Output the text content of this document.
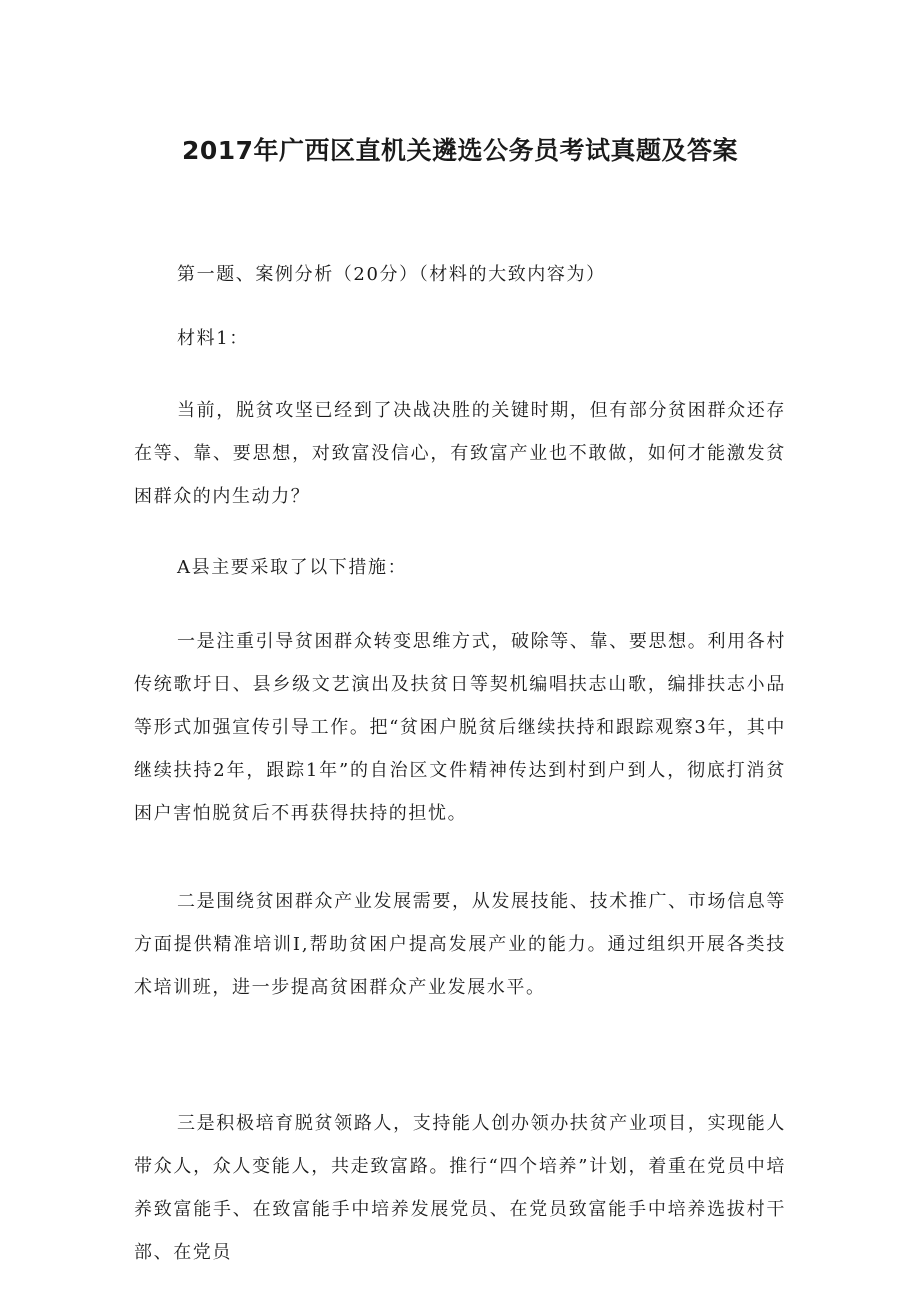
2017年广西区直机关遴选公务员考试真题及答案

第一题、案例分析（20分）（材料的大致内容为）

材料1：

当前，脱贫攻坚已经到了决战决胜的关键时期，但有部分贫困群众还存在等、靠、要思想，对致富没信心，有致富产业也不敢做，如何才能激发贫困群众的内生动力？

A县主要采取了以下措施：

一是注重引导贫困群众转变思维方式，破除等、靠、要思想。利用各村传统歌圩日、县乡级文艺演出及扶贫日等契机编唱扶志山歌，编排扶志小品等形式加强宣传引导工作。把“贫困户脱贫后继续扶持和跟踪观察3年，其中继续扶持2年，跟踪1年”的自治区文件精神传达到村到户到人，彻底打消贫困户害怕脱贫后不再获得扶持的担忧。

二是围绕贫困群众产业发展需要，从发展技能、技术推广、市场信息等方面提供精准培训Ⅰ,帮助贫困户提高发展产业的能力。通过组织开展各类技术培训班，进一步提高贫困群众产业发展水平。

三是积极培育脱贫领路人，支持能人创办领办扶贫产业项目，实现能人带众人，众人变能人，共走致富路。推行“四个培养”计划，着重在党员中培养致富能手、在致富能手中培养发展党员、在党员致富能手中培养选拔村干部、在党员
